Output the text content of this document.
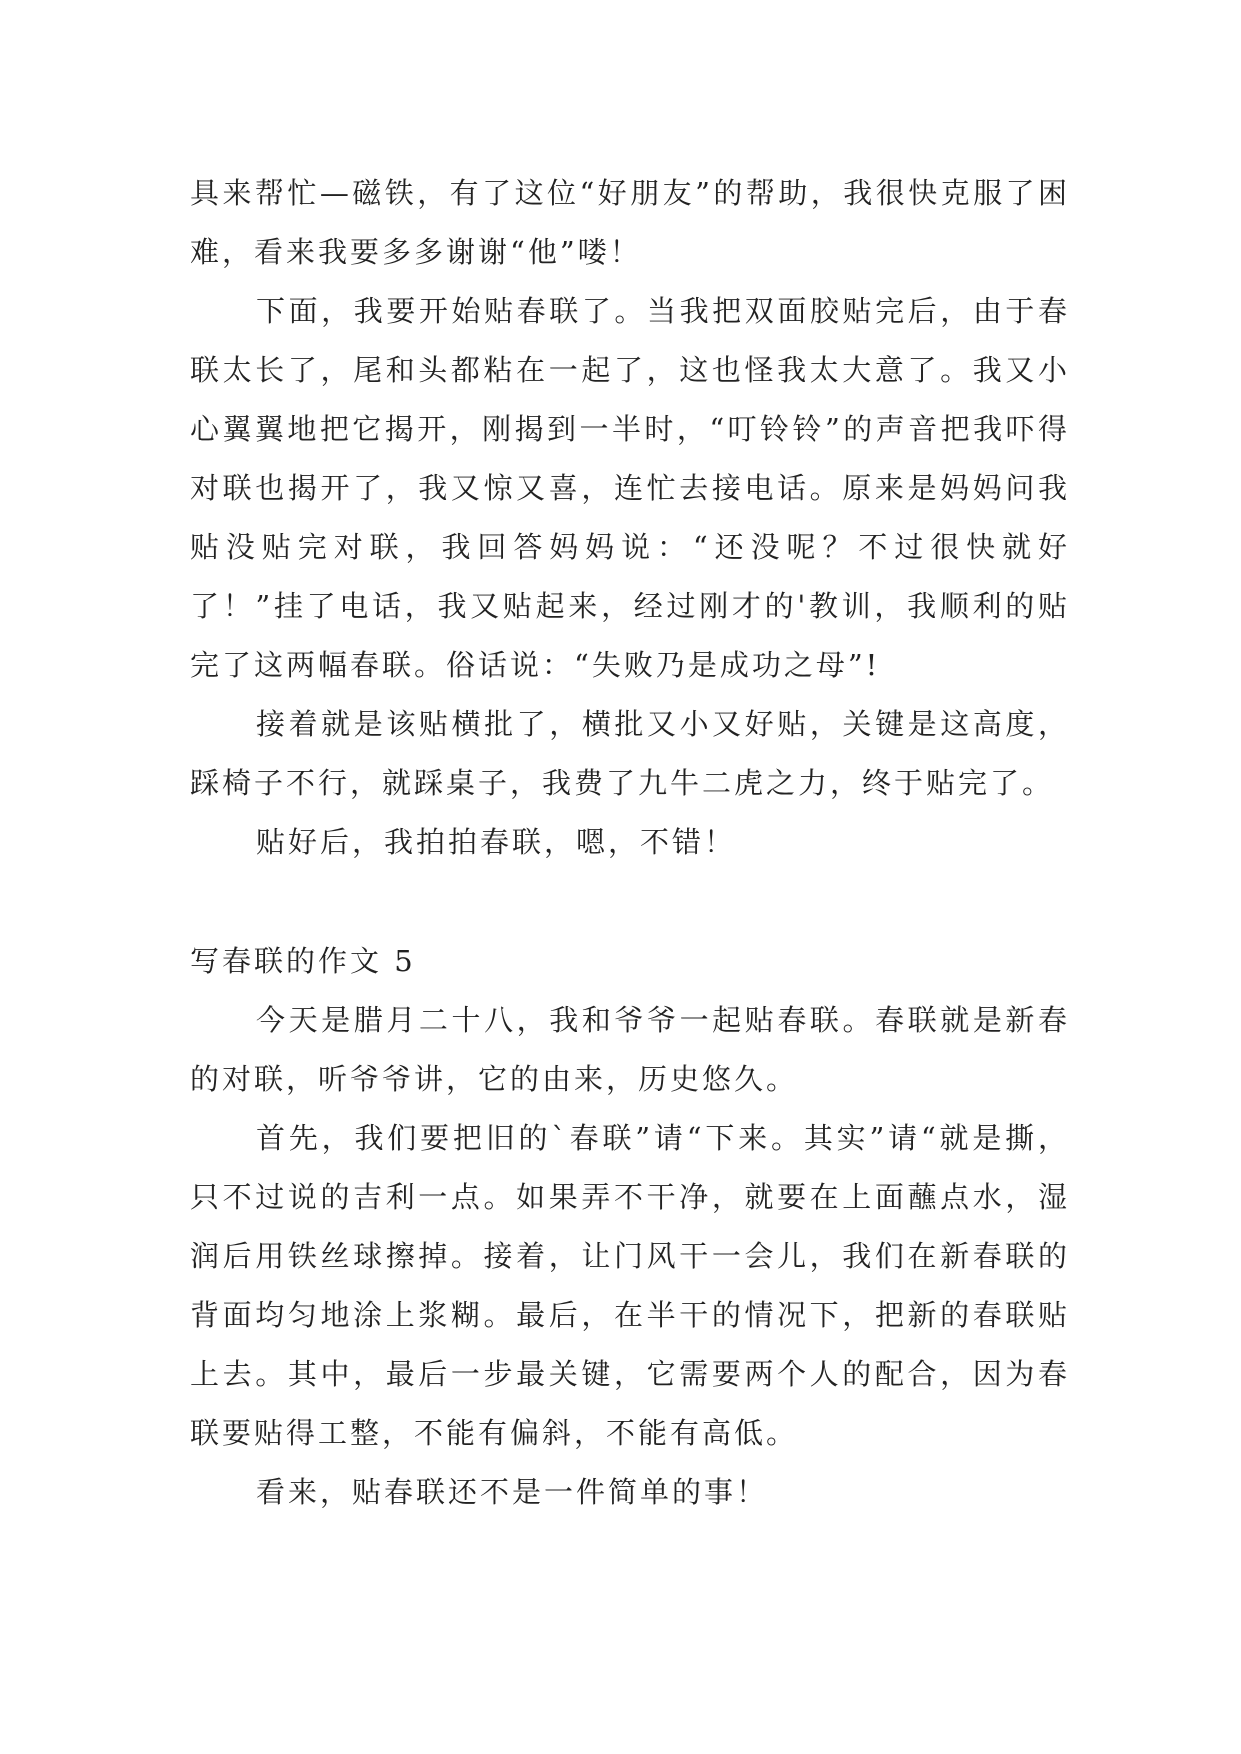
具来帮忙—磁铁，有了这位“好朋友”的帮助，我很快克服了困难，看来我要多多谢谢“他”喽！

下面，我要开始贴春联了。当我把双面胶贴完后，由于春联太长了，尾和头都粘在一起了，这也怪我太大意了。我又小心翼翼地把它揭开，刚揭到一半时，“叮铃铃”的声音把我吓得对联也揭开了，我又惊又喜，连忙去接电话。原来是妈妈问我贴没贴完对联，我回答妈妈说：“还没呢？不过很快就好了！”挂了电话，我又贴起来，经过刚才的'教训，我顺利的贴完了这两幅春联。俗话说：“失败乃是成功之母”!

接着就是该贴横批了，横批又小又好贴，关键是这高度，踩椅子不行，就踩桌子，我费了九牛二虎之力，终于贴完了。

贴好后，我拍拍春联，嗯，不错！

写春联的作文 5

今天是腊月二十八，我和爷爷一起贴春联。春联就是新春的对联，听爷爷讲，它的由来，历史悠久。

首先，我们要把旧的`春联”请“下来。其实”请“就是撕，只不过说的吉利一点。如果弄不干净，就要在上面蘸点水，湿润后用铁丝球擦掉。接着，让门风干一会儿，我们在新春联的背面均匀地涂上浆糊。最后，在半干的情况下，把新的春联贴上去。其中，最后一步最关键，它需要两个人的配合，因为春联要贴得工整，不能有偏斜，不能有高低。

看来，贴春联还不是一件简单的事！
